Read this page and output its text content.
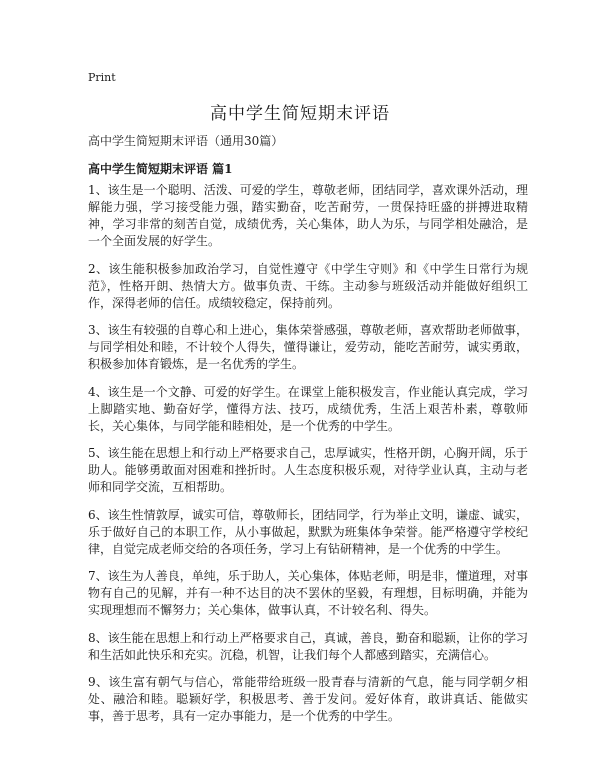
Print
高中学生简短期末评语

高中学生简短期末评语（通用30篇）

高中学生简短期末评语 篇1

1、该生是一个聪明、活泼、可爱的学生，尊敬老师，团结同学，喜欢课外活动，理解能力强，学习接受能力强，踏实勤奋，吃苦耐劳，一贯保持旺盛的拼搏进取精神，学习非常的刻苦自觉，成绩优秀，关心集体，助人为乐，与同学相处融洽，是一个全面发展的好学生。

2、该生能积极参加政治学习，自觉性遵守《中学生守则》和《中学生日常行为规范》，性格开朗、热情大方。做事负责、干练。主动参与班级活动并能做好组织工作，深得老师的信任。成绩较稳定，保持前列。

3、该生有较强的自尊心和上进心，集体荣誉感强，尊敬老师，喜欢帮助老师做事，与同学相处和睦，不计较个人得失，懂得谦让，爱劳动，能吃苦耐劳，诚实勇敢，积极参加体育锻炼，是一名优秀的学生。

4、该生是一个文静、可爱的好学生。在课堂上能积极发言，作业能认真完成，学习上脚踏实地、勤奋好学，懂得方法、技巧，成绩优秀，生活上艰苦朴素，尊敬师长，关心集体，与同学能和睦相处，是一个优秀的中学生。

5、该生能在思想上和行动上严格要求自己，忠厚诚实，性格开朗，心胸开阔，乐于助人。能够勇敢面对困难和挫折时。人生态度积极乐观，对待学业认真，主动与老师和同学交流，互相帮助。

6、该生性情敦厚，诚实可信，尊敬师长，团结同学，行为举止文明，谦虚、诚实，乐于做好自己的本职工作，从小事做起，默默为班集体争荣誉。能严格遵守学校纪律，自觉完成老师交给的各项任务，学习上有钻研精神，是一个优秀的中学生。

7、该生为人善良，单纯，乐于助人，关心集体，体贴老师，明是非，懂道理，对事物有自己的见解，并有一种不达目的决不罢休的坚毅，有理想，目标明确，并能为实现理想而不懈努力；关心集体，做事认真，不计较名利、得失。

8、该生能在思想上和行动上严格要求自己，真诚，善良，勤奋和聪颖，让你的学习和生活如此快乐和充实。沉稳，机智，让我们每个人都感到踏实，充满信心。

9、该生富有朝气与信心，常能带给班级一股青春与清新的气息，能与同学朝夕相处、融洽和睦。聪颖好学，积极思考、善于发问。爱好体育，敢讲真话、能做实事，善于思考，具有一定办事能力，是一个优秀的中学生。
